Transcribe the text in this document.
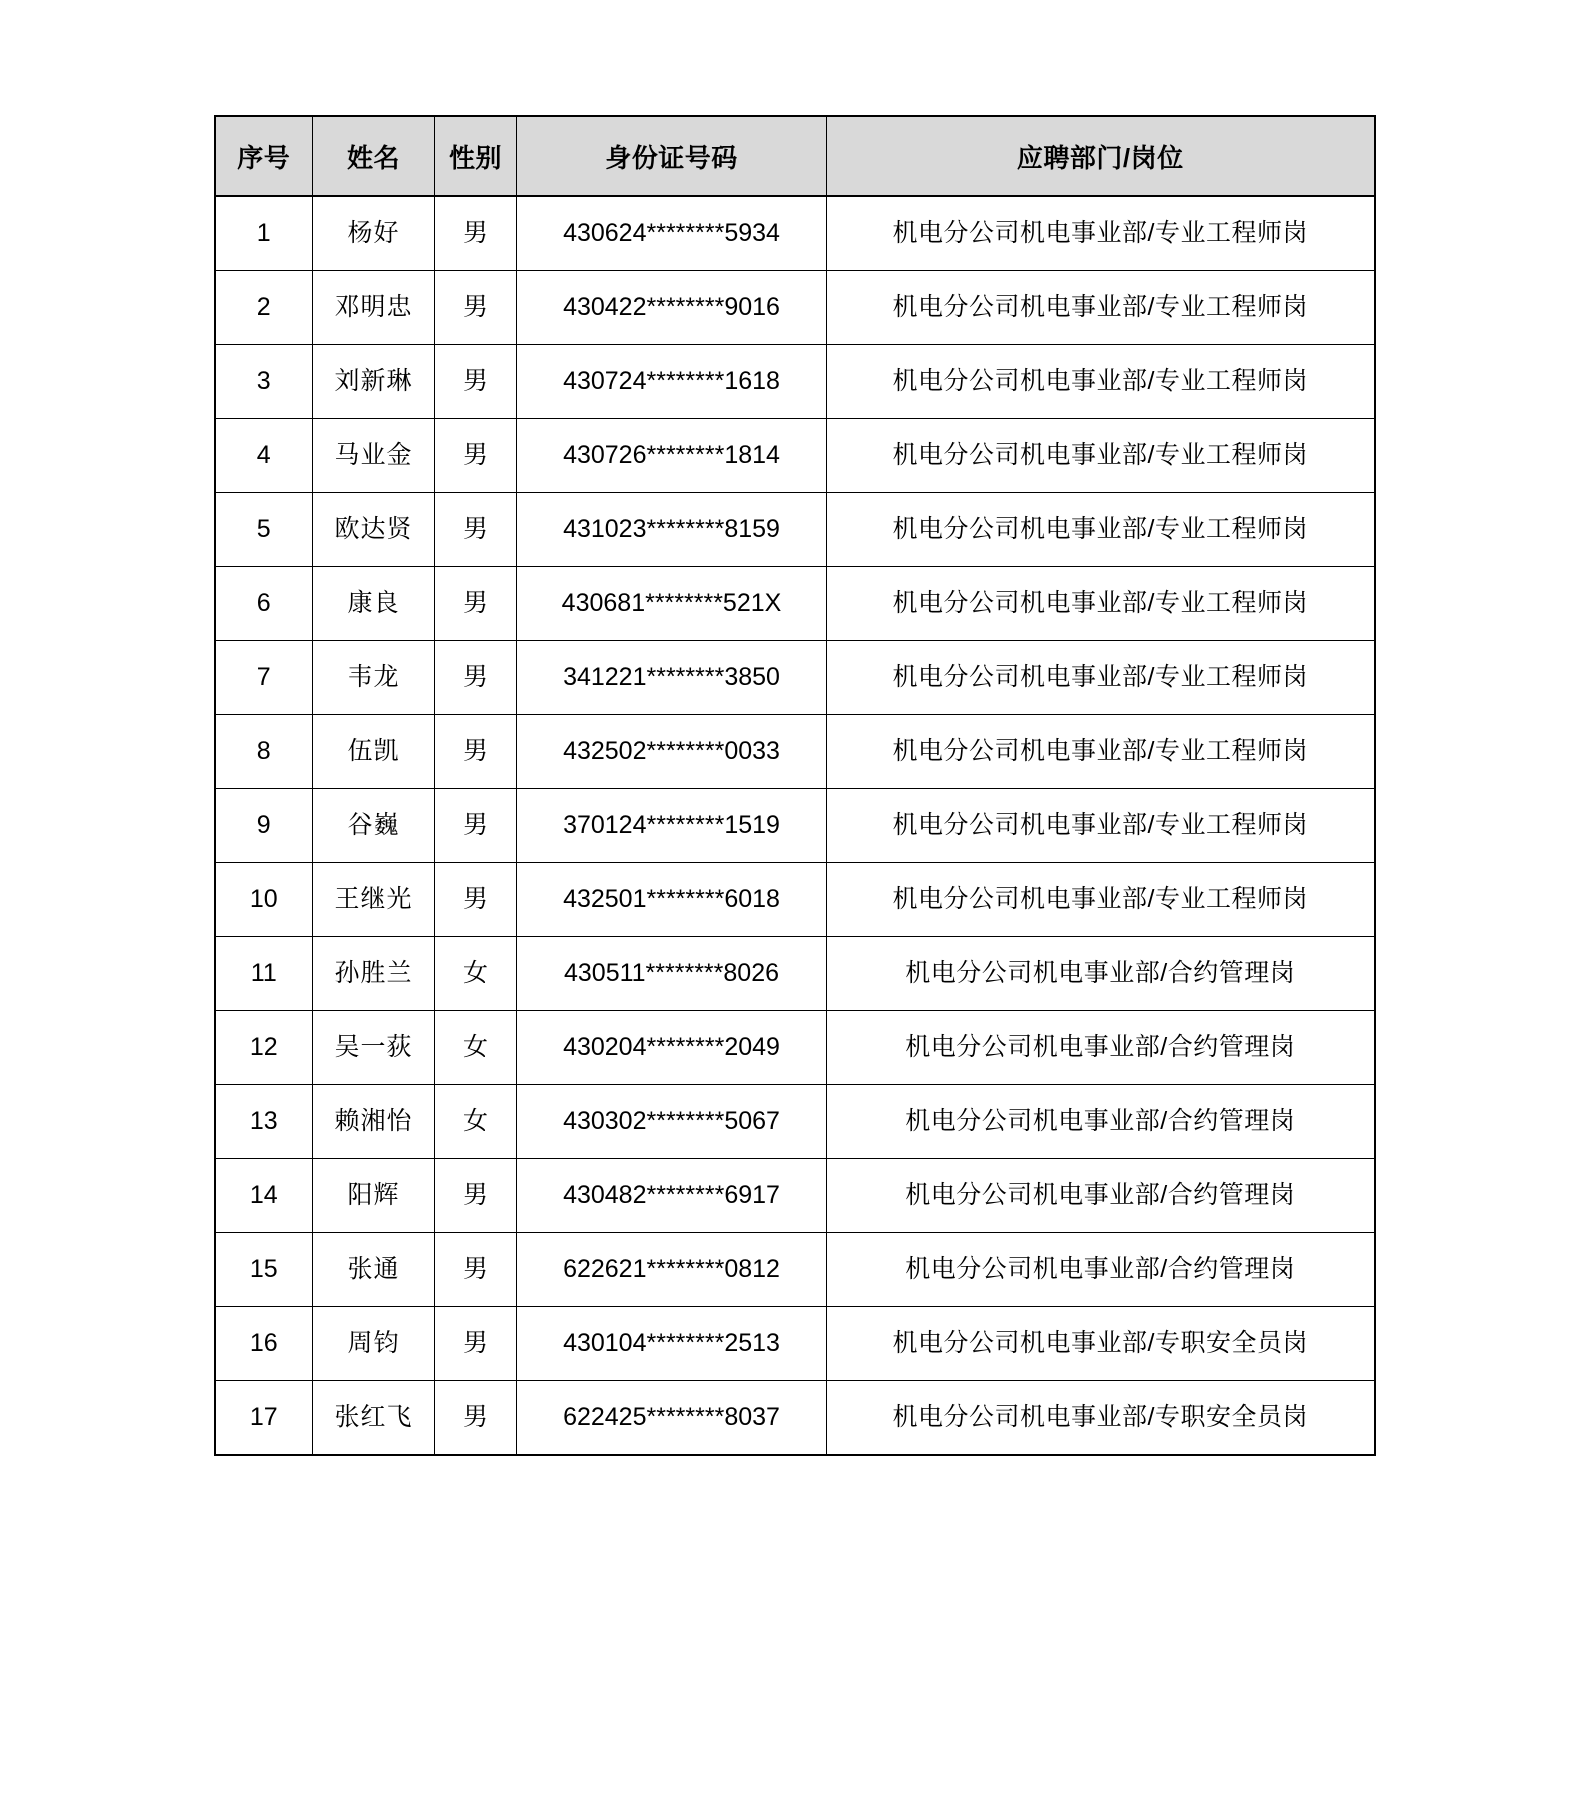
序号	姓名	性别	身份证号码	应聘部门/岗位
1	杨好	男	430624********5934	机电分公司机电事业部/专业工程师岗
2	邓明忠	男	430422********9016	机电分公司机电事业部/专业工程师岗
3	刘新琳	男	430724********1618	机电分公司机电事业部/专业工程师岗
4	马业金	男	430726********1814	机电分公司机电事业部/专业工程师岗
5	欧达贤	男	431023********8159	机电分公司机电事业部/专业工程师岗
6	康良	男	430681********521X	机电分公司机电事业部/专业工程师岗
7	韦龙	男	341221********3850	机电分公司机电事业部/专业工程师岗
8	伍凯	男	432502********0033	机电分公司机电事业部/专业工程师岗
9	谷巍	男	370124********1519	机电分公司机电事业部/专业工程师岗
10	王继光	男	432501********6018	机电分公司机电事业部/专业工程师岗
11	孙胜兰	女	430511********8026	机电分公司机电事业部/合约管理岗
12	吴一荻	女	430204********2049	机电分公司机电事业部/合约管理岗
13	赖湘怡	女	430302********5067	机电分公司机电事业部/合约管理岗
14	阳辉	男	430482********6917	机电分公司机电事业部/合约管理岗
15	张通	男	622621********0812	机电分公司机电事业部/合约管理岗
16	周钧	男	430104********2513	机电分公司机电事业部/专职安全员岗
17	张红飞	男	622425********8037	机电分公司机电事业部/专职安全员岗
